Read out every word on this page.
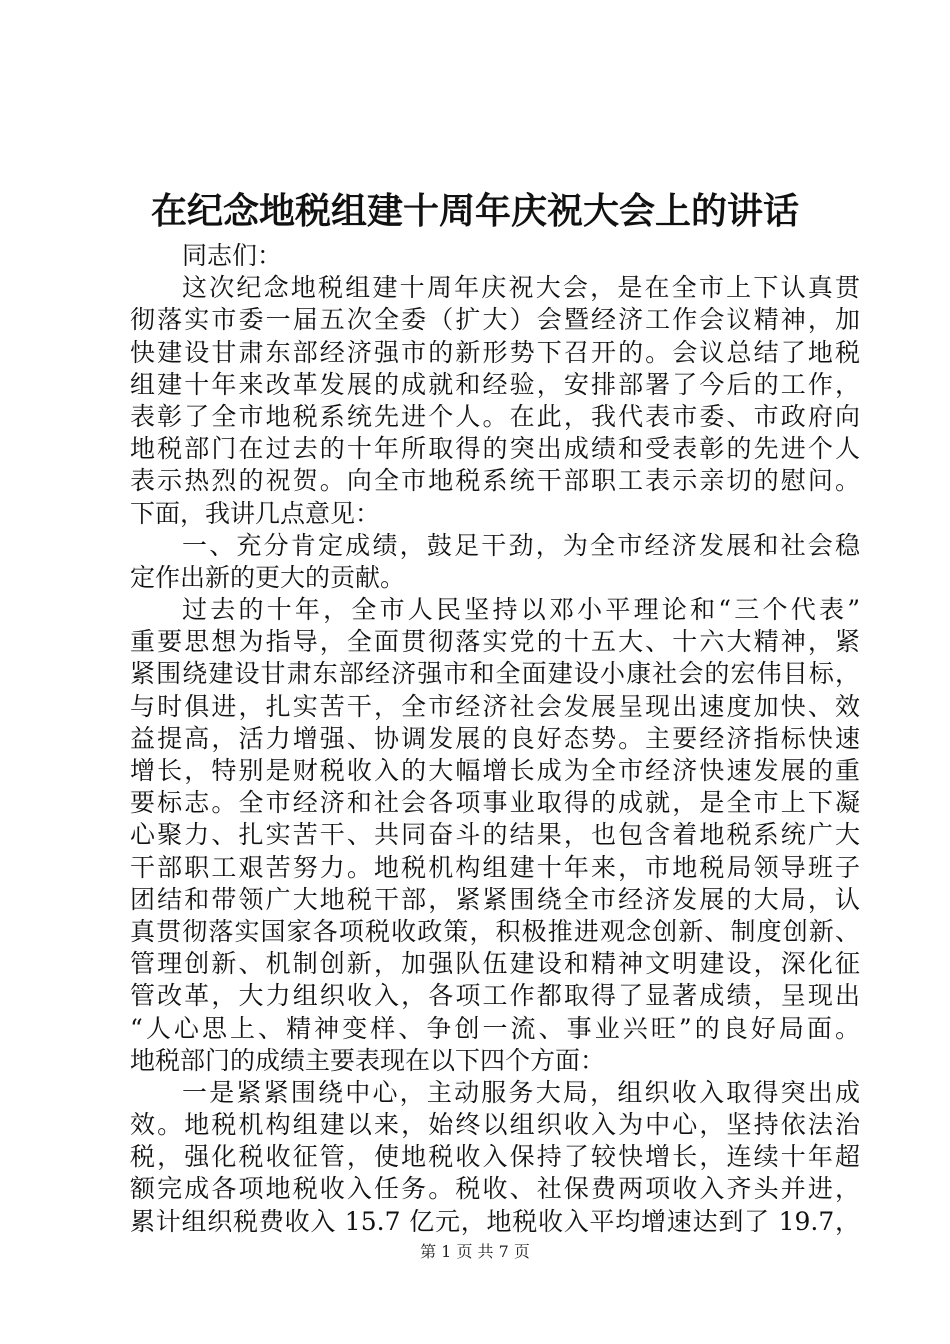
在纪念地税组建十周年庆祝大会上的讲话
同志们：
这次纪念地税组建十周年庆祝大会，是在全市上下认真贯
彻落实市委一届五次全委（扩大）会暨经济工作会议精神，加
快建设甘肃东部经济强市的新形势下召开的。会议总结了地税
组建十年来改革发展的成就和经验，安排部署了今后的工作，
表彰了全市地税系统先进个人。在此，我代表市委、市政府向
地税部门在过去的十年所取得的突出成绩和受表彰的先进个人
表示热烈的祝贺。向全市地税系统干部职工表示亲切的慰问。
下面，我讲几点意见：
一、充分肯定成绩，鼓足干劲，为全市经济发展和社会稳
定作出新的更大的贡献。
过去的十年，全市人民坚持以邓小平理论和“三个代表”
重要思想为指导，全面贯彻落实党的十五大、十六大精神，紧
紧围绕建设甘肃东部经济强市和全面建设小康社会的宏伟目标，
与时俱进，扎实苦干，全市经济社会发展呈现出速度加快、效
益提高，活力增强、协调发展的良好态势。主要经济指标快速
增长，特别是财税收入的大幅增长成为全市经济快速发展的重
要标志。全市经济和社会各项事业取得的成就，是全市上下凝
心聚力、扎实苦干、共同奋斗的结果，也包含着地税系统广大
干部职工艰苦努力。地税机构组建十年来，市地税局领导班子
团结和带领广大地税干部，紧紧围绕全市经济发展的大局，认
真贯彻落实国家各项税收政策，积极推进观念创新、制度创新、
管理创新、机制创新，加强队伍建设和精神文明建设，深化征
管改革，大力组织收入，各项工作都取得了显著成绩，呈现出
“人心思上、精神变样、争创一流、事业兴旺”的良好局面。
地税部门的成绩主要表现在以下四个方面：
一是紧紧围绕中心，主动服务大局，组织收入取得突出成
效。地税机构组建以来，始终以组织收入为中心，坚持依法治
税，强化税收征管，使地税收入保持了较快增长，连续十年超
额完成各项地税收入任务。税收、社保费两项收入齐头并进，
累计组织税费收入 15.7 亿元，地税收入平均增速达到了 19.7，
第 1 页 共 7 页
